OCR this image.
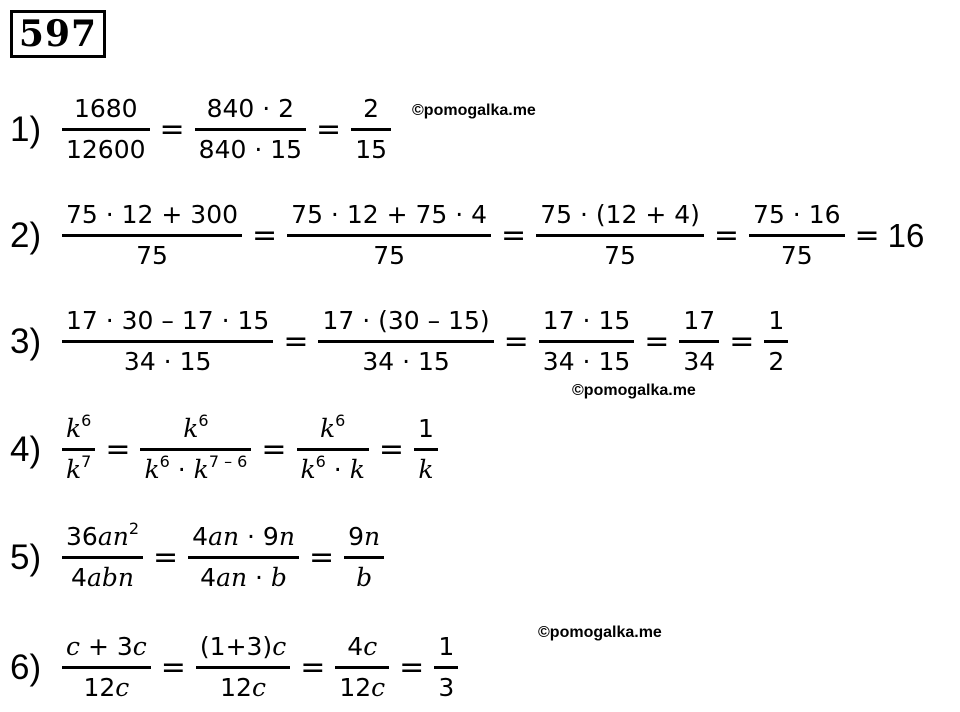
597
©pomogalka.me
©pomogalka.me
©pomogalka.me
$1) \frac{1680}{12600} = \frac{840 \cdot 2}{840 \cdot 15} = \frac{2}{15}$
$2) \frac{75 \cdot 12 + 300}{75} = \frac{75 \cdot 12 + 75 \cdot 4}{75} = \frac{75 \cdot (12 + 4)}{75} = \frac{75 \cdot 16}{75} = 16$
$3) \frac{17 \cdot 30 - 17 \cdot 15}{34 \cdot 15} = \frac{17 \cdot (30 - 15)}{34 \cdot 15} = \frac{17 \cdot 15}{34 \cdot 15} = \frac{17}{34} = \frac{1}{2}$
$4) \frac{k^6}{k^7} = \frac{k^6}{k^6 \cdot k^{7 - 6}} = \frac{k^6}{k^6 \cdot k} = \frac{1}{k}$
$5) \frac{36an^2}{\text{4abn}} = \frac{4an \cdot 9n}{4an \cdot b} = \frac{9n}{b}$
$6) \frac{c + 3c}{12c} = \frac{(1+3)c}{12c} = \frac{4c}{12c} = \frac{1}{3}$
